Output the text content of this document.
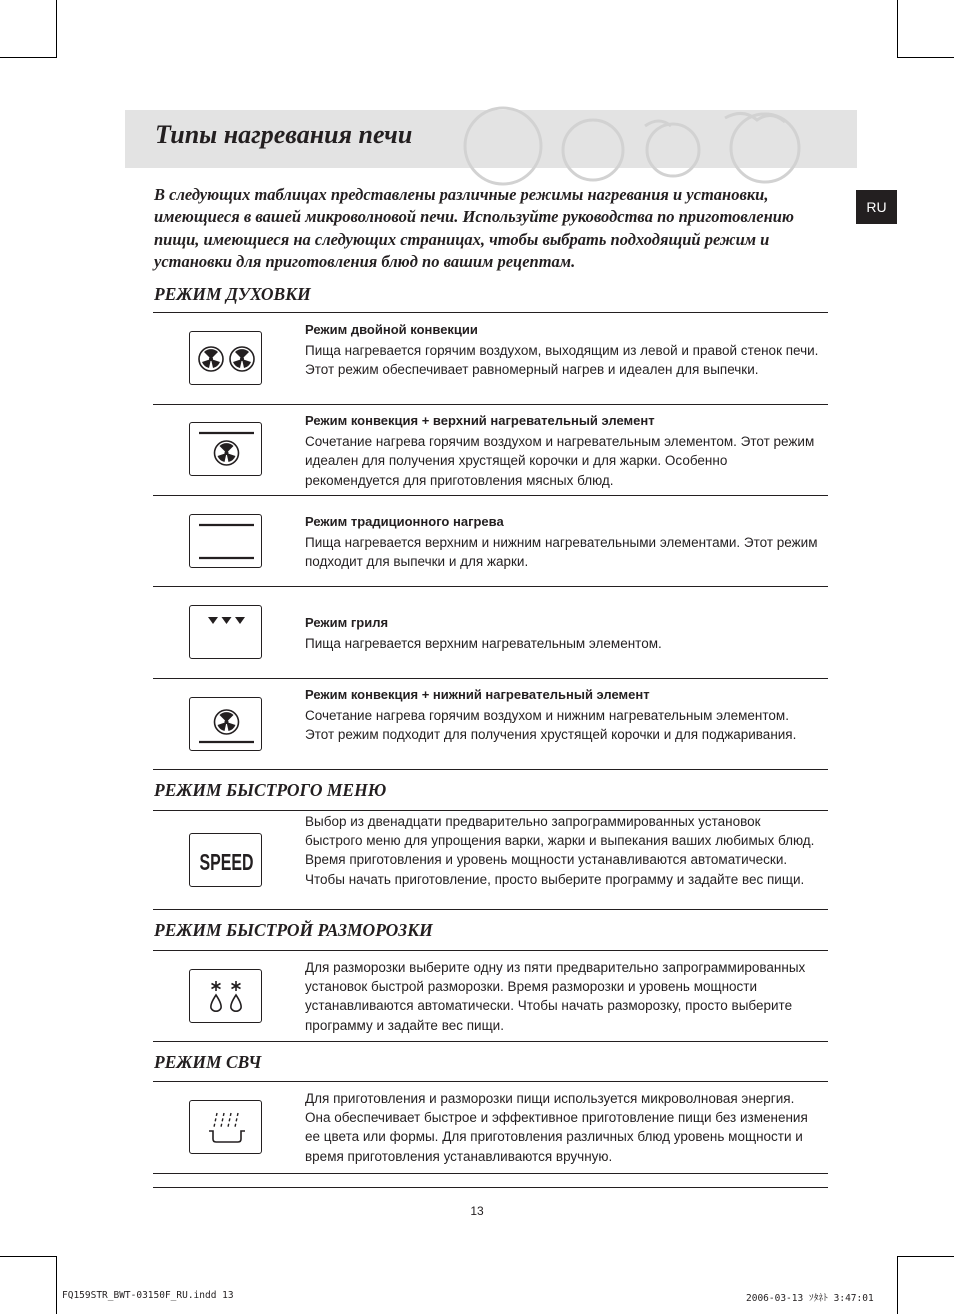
Типы нагревания печи
RU

В следующих таблицах представлены различные режимы нагревания и установки, имеющиеся в вашей микроволновой печи. Используйте руководства по приготовлению пищи, имеющиеся на следующих страницах, чтобы выбрать подходящий режим и установки для приготовления блюд по вашим рецептам.

РЕЖИМ ДУХОВКИ
Режим двойной конвекции
Пища нагревается горячим воздухом, выходящим из левой и правой стенок печи. Этот режим обеспечивает равномерный нагрев и идеален для выпечки.
Режим конвекция + верхний нагревательный элемент
Сочетание нагрева горячим воздухом и нагревательным элементом. Этот режим идеален для получения хрустящей корочки и для жарки. Особенно рекомендуется для приготовления мясных блюд.
Режим традиционного нагрева
Пища нагревается верхним и нижним нагревательными элементами. Этот режим подходит для выпечки и для жарки.
Режим гриля
Пища нагревается верхним нагревательным элементом.
Режим конвекция + нижний нагревательный элемент
Сочетание нагрева горячим воздухом и нижним нагревательным элементом. Этот режим подходит для получения хрустящей корочки и для поджаривания.
РЕЖИМ БЫСТРОГО МЕНЮ
SPEED
Выбор из двенадцати предварительно запрограммированных установок быстрого меню для упрощения варки, жарки и выпекания ваших любимых блюд. Время приготовления и уровень мощности устанавливаются автоматически. Чтобы начать приготовление, просто выберите программу и задайте вес пищи.
РЕЖИМ БЫСТРОЙ РАЗМОРОЗКИ
Для разморозки выберите одну из пяти предварительно запрограммированных установок быстрой разморозки. Время разморозки и уровень мощности устанавливаются автоматически. Чтобы начать разморозку, просто выберите программу и задайте вес пищи.
РЕЖИМ СВЧ
Для приготовления и разморозки пищи используется микроволновая энергия. Она обеспечивает быстрое и эффективное приготовление пищи без изменения ее цвета или формы. Для приготовления различных блюд уровень мощности и время приготовления устанавливаются вручную.
13
FQ159STR_BWT-03150F_RU.indd 13	2006-03-13 ｿﾀﾈﾄ 3:47:01
